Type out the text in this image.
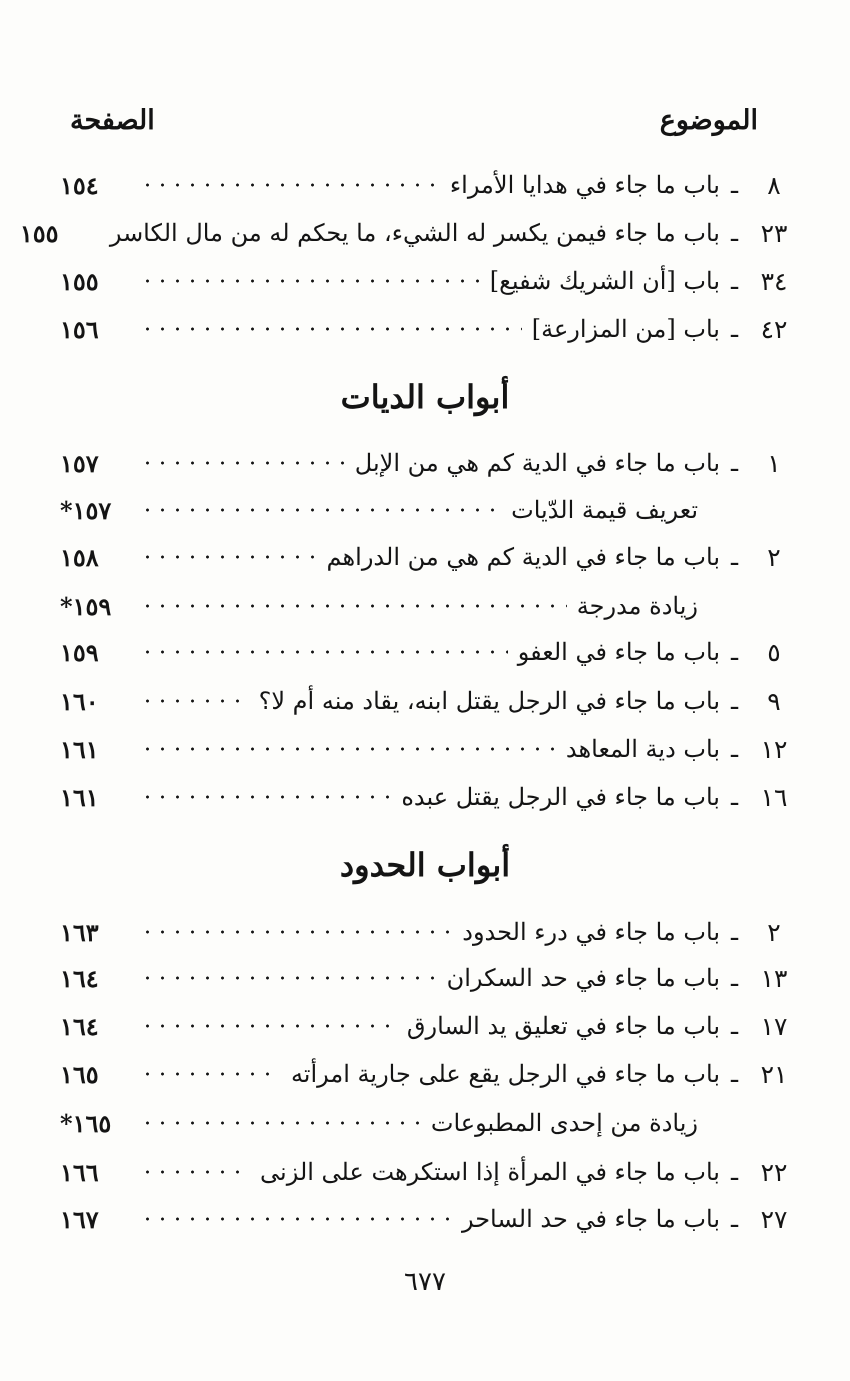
الموضوع
الصفحة
٨
ـ
باب ما جاء في هدايا الأمراء
١٥٤
٢٣
ـ
باب ما جاء فيمن يكسر له الشيء، ما يحكم له من مال الكاسر
١٥٥
٣٤
ـ
باب [أن الشريك شفيع]
١٥٥
٤٢
ـ
باب [من المزارعة]
١٥٦
أبواب الديات
١
ـ
باب ما جاء في الدية كم هي من الإبل
١٥٧
تعريف قيمة الدّيات
١٥٧*
٢
ـ
باب ما جاء في الدية كم هي من الدراهم
١٥٨
زيادة مدرجة
١٥٩*
٥
ـ
باب ما جاء في العفو
١٥٩
٩
ـ
باب ما جاء في الرجل يقتل ابنه، يقاد منه أم لا؟
١٦٠
١٢
ـ
باب دية المعاهد
١٦١
١٦
ـ
باب ما جاء في الرجل يقتل عبده
١٦١
أبواب الحدود
٢
ـ
باب ما جاء في درء الحدود
١٦٣
١٣
ـ
باب ما جاء في حد السكران
١٦٤
١٧
ـ
باب ما جاء في تعليق يد السارق
١٦٤
٢١
ـ
باب ما جاء في الرجل يقع على جارية امرأته
١٦٥
زيادة من إحدى المطبوعات
١٦٥*
٢٢
ـ
باب ما جاء في المرأة إذا استكرهت على الزنى
١٦٦
٢٧
ـ
باب ما جاء في حد الساحر
١٦٧
٦٧٧
